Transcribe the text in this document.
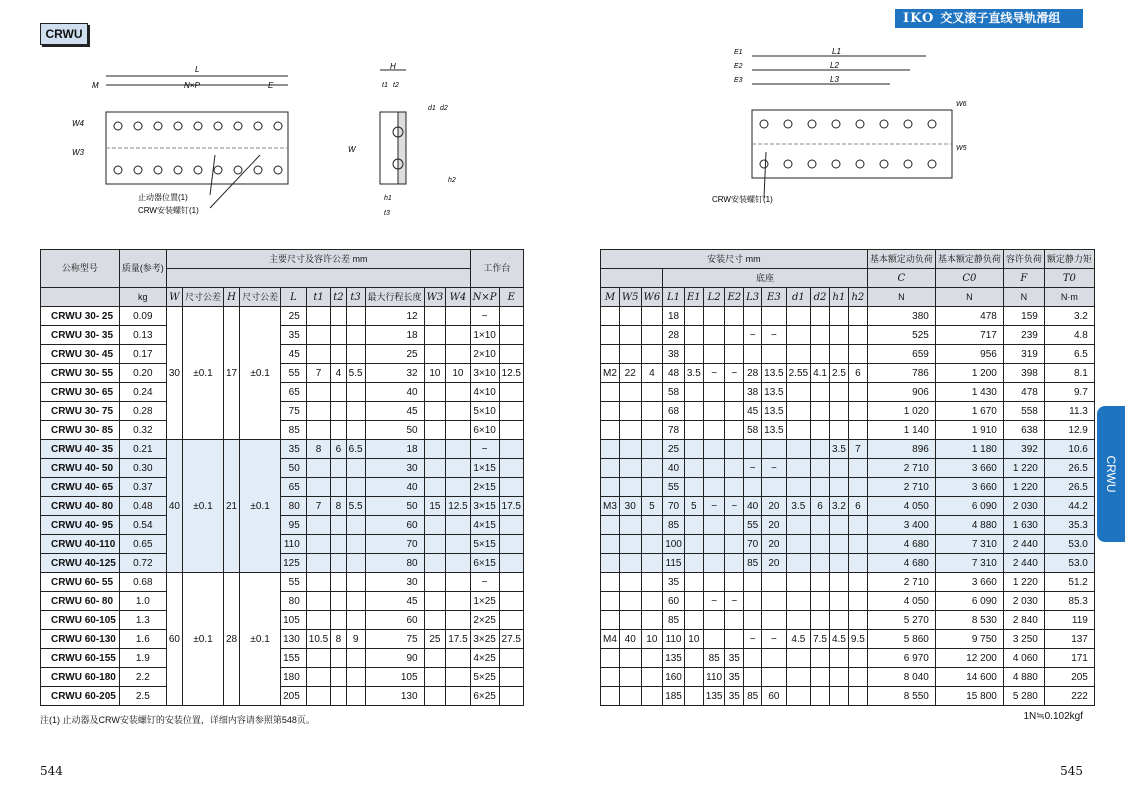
CRWU
IKO 交叉滚子直线导轨滑组
CRWU
L
M	N×P	E
W4
W3
止动器位置(1)
CRW安装螺钉(1)
H
t1 t2
d1 d2
W
h1
h2
t3
E1	L1
E2	L2
E3	L3
W6
W5
CRW安装螺钉(1)
公称型号	质量(参考)	主要尺寸及容许公差 mm											工作台	

	kg	W	尺寸公差	H	尺寸公差	L	t1	t2	t3	最大行程长度	W3	W4	N×P	E
CRWU 30- 25	0.09	30	±0.1	17	±0.1	25				12			−	
CRWU 30- 35	0.13					35				18			1×10	
CRWU 30- 45	0.17					45				25			2×10	
CRWU 30- 55	0.20					55	7	4	5.5	32	10	10	3×10	12.5
CRWU 30- 65	0.24					65				40			4×10	
CRWU 30- 75	0.28					75				45			5×10	
CRWU 30- 85	0.32					85				50			6×10	
CRWU 40- 35	0.21	40	±0.1	21	±0.1	35	8	6	6.5	18			−	
CRWU 40- 50	0.30					50				30			1×15	
CRWU 40- 65	0.37					65				40			2×15	
CRWU 40- 80	0.48					80	7	8	5.5	50	15	12.5	3×15	17.5
CRWU 40- 95	0.54					95				60			4×15	
CRWU 40-110	0.65					110				70			5×15	
CRWU 40-125	0.72					125				80			6×15	
CRWU 60- 55	0.68	60	±0.1	28	±0.1	55				30			−	
CRWU 60- 80	1.0					80				45			1×25	
CRWU 60-105	1.3					105				60			2×25	
CRWU 60-130	1.6					130	10.5	8	9	75	25	17.5	3×25	27.5
CRWU 60-155	1.9					155				90			4×25	
CRWU 60-180	2.2					180				105			5×25	
CRWU 60-205	2.5					205				130			6×25	
安装尺寸 mm													基本额定动负荷	基本额定静负荷	容许负荷	额定静力矩
			底座										C	C0	F	T0
M	W5	W6	L1	E1	L2	E2	L3	E3	d1	d2	h1	h2	N	N	N	N·m
			18										380	478	159	3.2
			28				−	−					525	717	239	4.8
			38										659	956	319	6.5
M2	22	4	48	3.5	−	−	28	13.5	2.55	4.1	2.5	6	786	1 200	398	8.1
			58				38	13.5					906	1 430	478	9.7
			68				45	13.5					1 020	1 670	558	11.3
			78				58	13.5					1 140	1 910	638	12.9
			25								3.5	7	896	1 180	392	10.6
			40				−	−					2 710	3 660	1 220	26.5
			55										2 710	3 660	1 220	26.5
M3	30	5	70	5	−	−	40	20	3.5	6	3.2	6	4 050	6 090	2 030	44.2
			85				55	20					3 400	4 880	1 630	35.3
			100				70	20					4 680	7 310	2 440	53.0
			115				85	20					4 680	7 310	2 440	53.0
			35										2 710	3 660	1 220	51.2
			60		−	−							4 050	6 090	2 030	85.3
			85										5 270	8 530	2 840	119
M4	40	10	110	10			−	−	4.5	7.5	4.5	9.5	5 860	9 750	3 250	137
			135		85	35							6 970	12 200	4 060	171
			160		110	35							8 040	14 600	4 880	205
			185		135	35	85	60					8 550	15 800	5 280	222
注(1) 止动器及CRW安装螺钉的安装位置，详细内容请参照第548页。	1N≒0.102kgf
544	545
